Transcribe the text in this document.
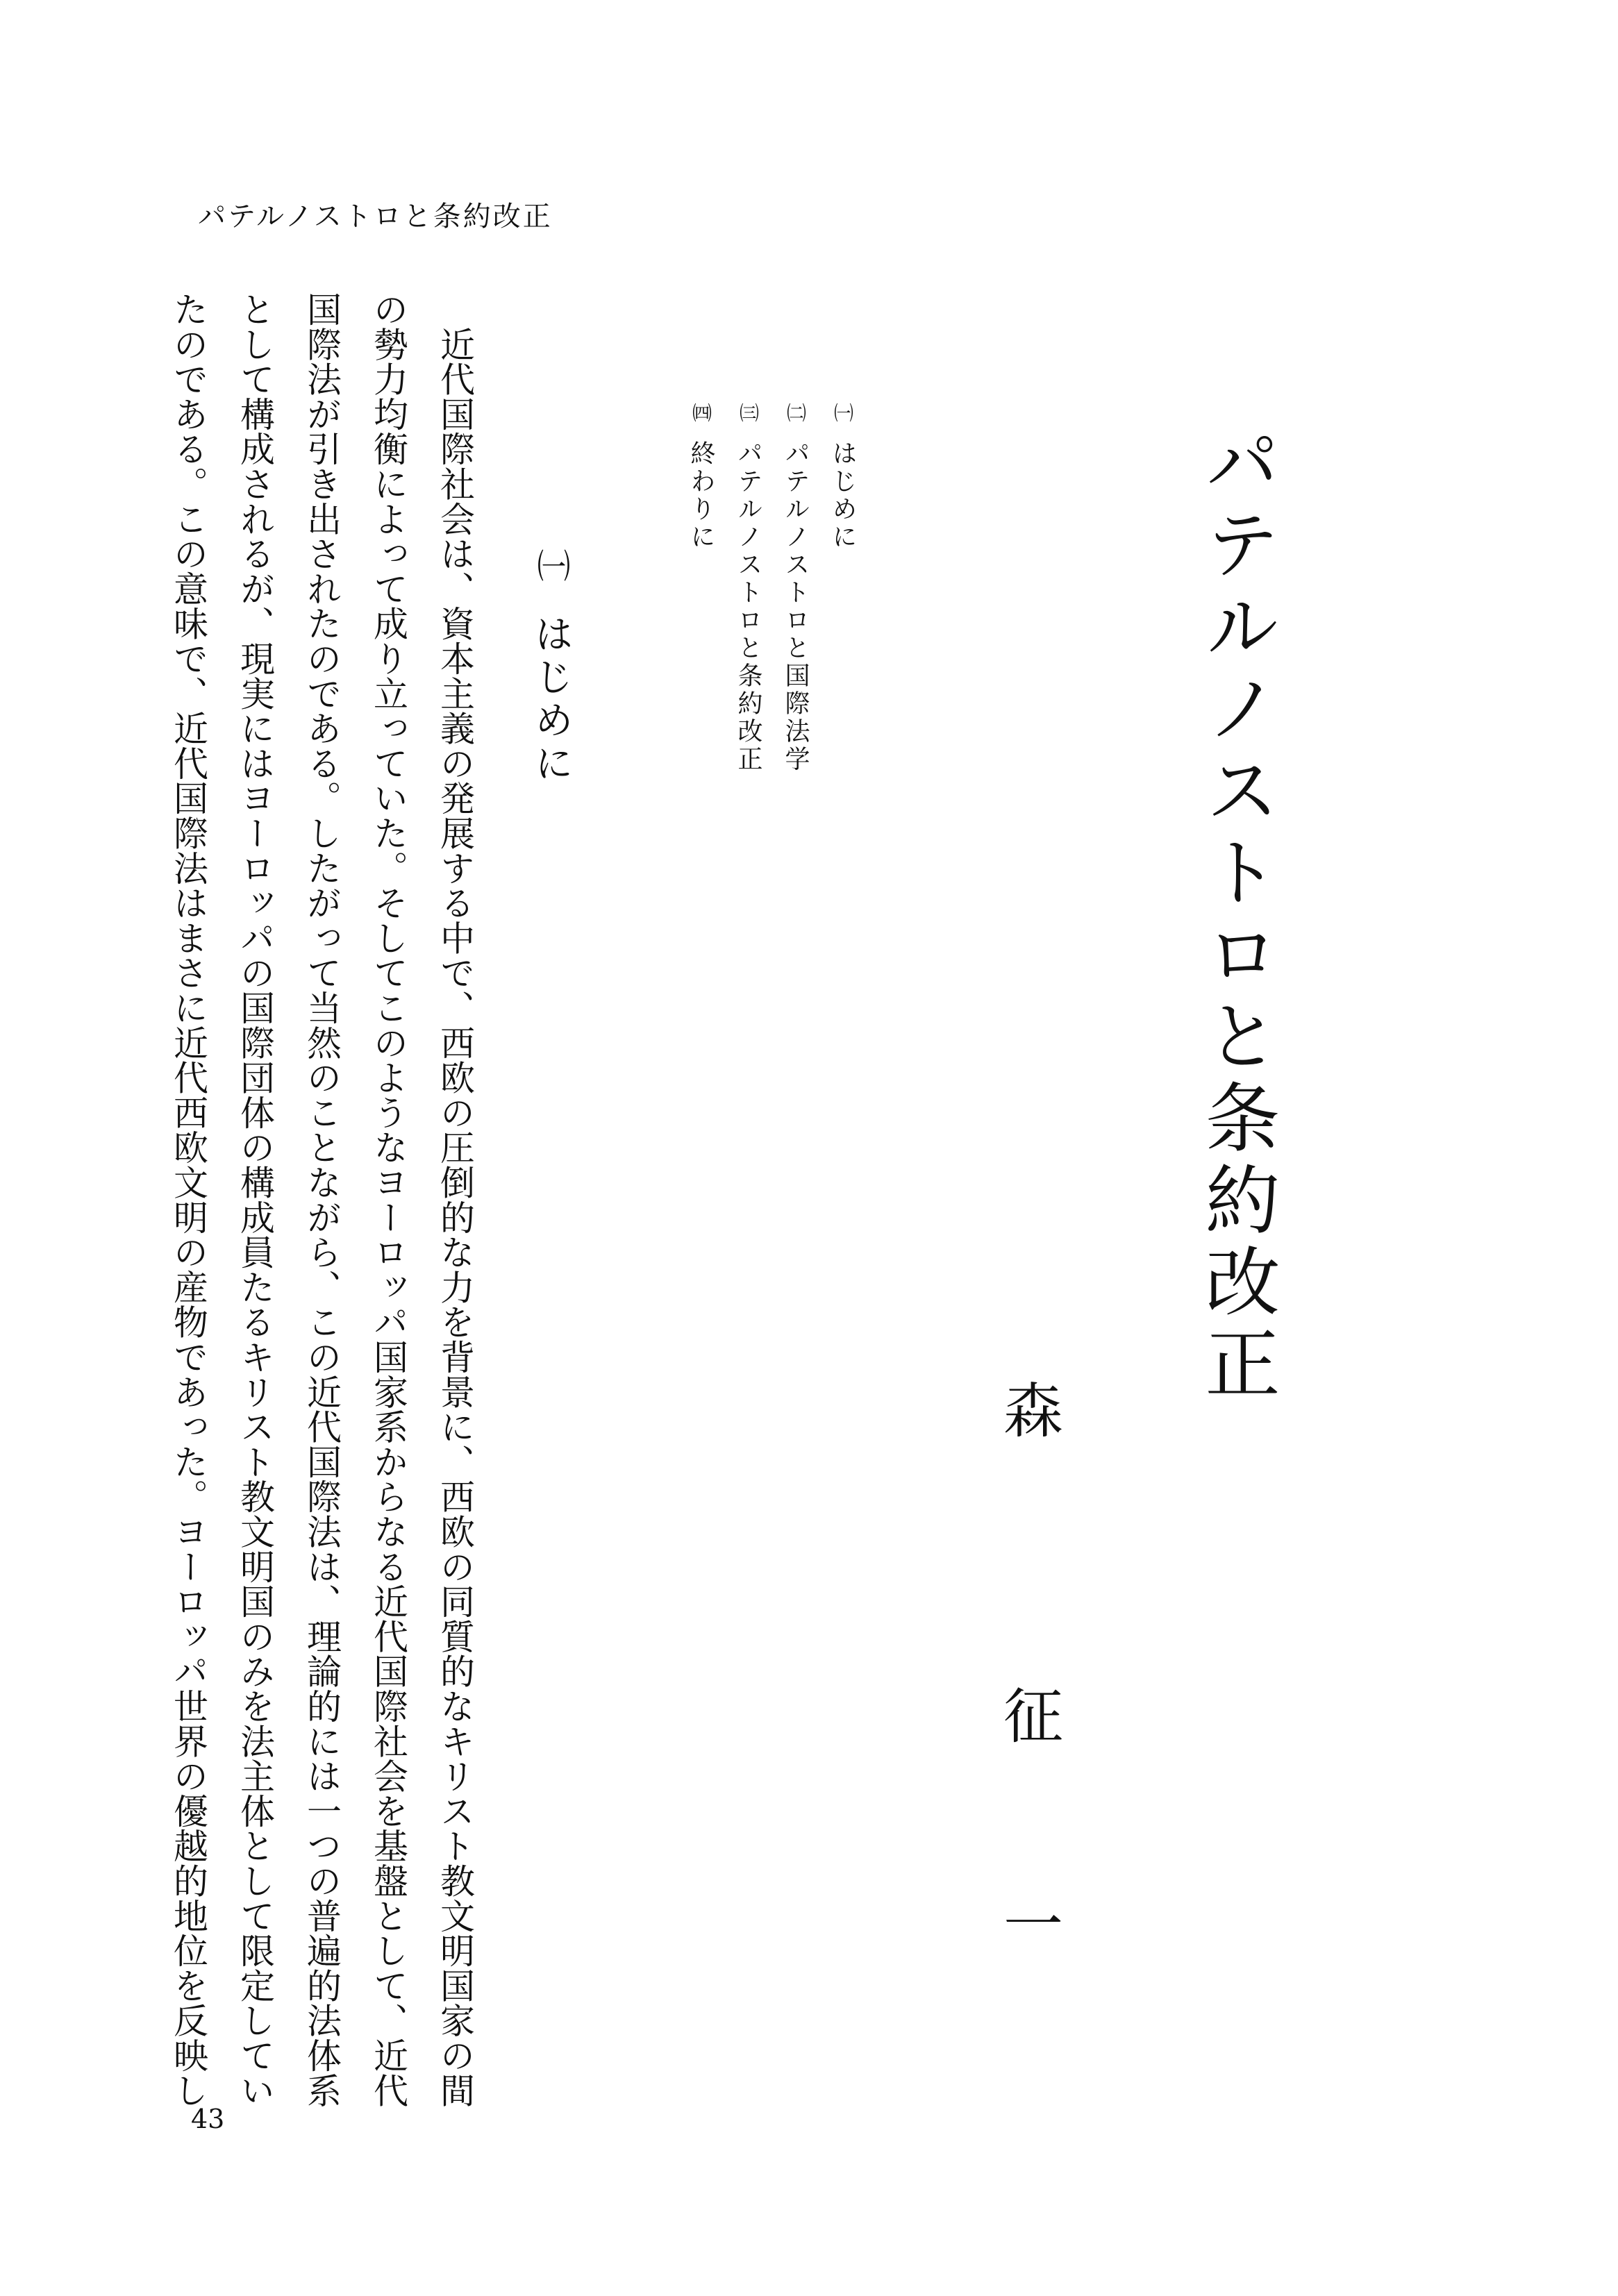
パテルノストロと条約改正
パテルノストロと条約改正
森
征
一
㈠はじめに
㈡パテルノストロと国際法学
㈢パテルノストロと条約改正
㈣終わりに
㈠はじめに
　近代国際社会は、資本主義の発展する中で、西欧の圧倒的な力を背景に、西欧の同質的なキリスト教文明国家の間
の勢力均衡によって成り立っていた。そしてこのようなヨーロッパ国家系からなる近代国際社会を基盤として、近代
国際法が引き出されたのである。したがって当然のことながら、この近代国際法は、理論的には一つの普遍的法体系
として構成されるが、現実にはヨーロッパの国際団体の構成員たるキリスト教文明国のみを法主体として限定してい
たのである。この意味で、近代国際法はまさに近代西欧文明の産物であった。ヨーロッパ世界の優越的地位を反映し
43
